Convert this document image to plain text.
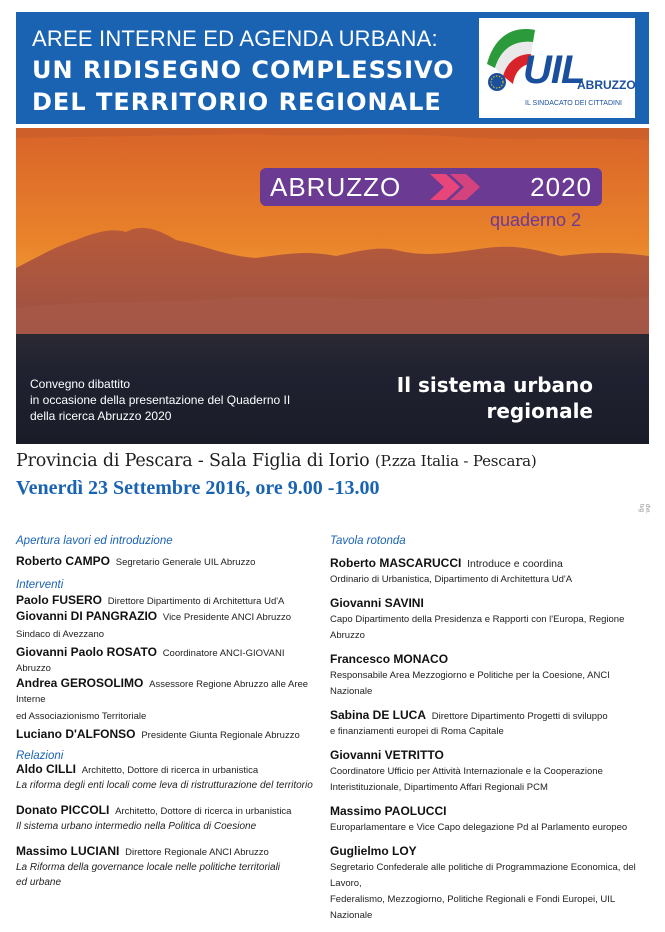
AREE INTERNE ED AGENDA URBANA:
UN RIDISEGNO COMPLESSIVO
DEL TERRITORIO REGIONALE
UIL
ABRUZZO
IL SINDACATO DEI CITTADINI
ABRUZZO	2020
quaderno 2
Convegno dibattito
in occasione della presentazione del Quaderno II
della ricerca Abruzzo 2020
Il sistema urbano
regionale
Provincia di Pescara - Sala Figlia di Iorio (P.zza Italia - Pescara)
Venerdì 23 Settembre 2016, ore 9.00 -13.00
dvr. tvg
Apertura lavori ed introduzione
Roberto CAMPO Segretario Generale UIL Abruzzo
Interventi
Paolo FUSERO Direttore Dipartimento di Architettura Ud'A
Giovanni DI PANGRAZIO Vice Presidente ANCI Abruzzo
Sindaco di Avezzano
Giovanni Paolo ROSATO Coordinatore ANCI-GIOVANI Abruzzo
Andrea GEROSOLIMO Assessore Regione Abruzzo alle Aree Interne
ed Associazionismo Territoriale
Luciano D'ALFONSO Presidente Giunta Regionale Abruzzo
Relazioni
Aldo CILLI Architetto, Dottore di ricerca in urbanistica
La riforma degli enti locali come leva di ristrutturazione del territorio
Donato PICCOLI Architetto, Dottore di ricerca in urbanistica
Il sistema urbano intermedio nella Politica di Coesione
Massimo LUCIANI Direttore Regionale ANCI Abruzzo
La Riforma della governance locale nelle politiche territoriali
ed urbane
Tavola rotonda
Roberto MASCARUCCI Introduce e coordina
Ordinario di Urbanistica, Dipartimento di Architettura Ud'A
Giovanni SAVINI
Capo Dipartimento della Presidenza e Rapporti con l'Europa, Regione Abruzzo
Francesco MONACO
Responsabile Area Mezzogiorno e Politiche per la Coesione, ANCI Nazionale
Sabina DE LUCA Direttore Dipartimento Progetti di sviluppo
e finanziamenti europei di Roma Capitale
Giovanni VETRITTO
Coordinatore Ufficio per Attività Internazionale e la Cooperazione
Interistituzionale, Dipartimento Affari Regionali PCM
Massimo PAOLUCCI
Europarlamentare e Vice Capo delegazione Pd al Parlamento europeo
Guglielmo LOY
Segretario Confederale alle politiche di Programmazione Economica, del Lavoro,
Federalismo, Mezzogiorno, Politiche Regionali e Fondi Europei, UIL Nazionale
